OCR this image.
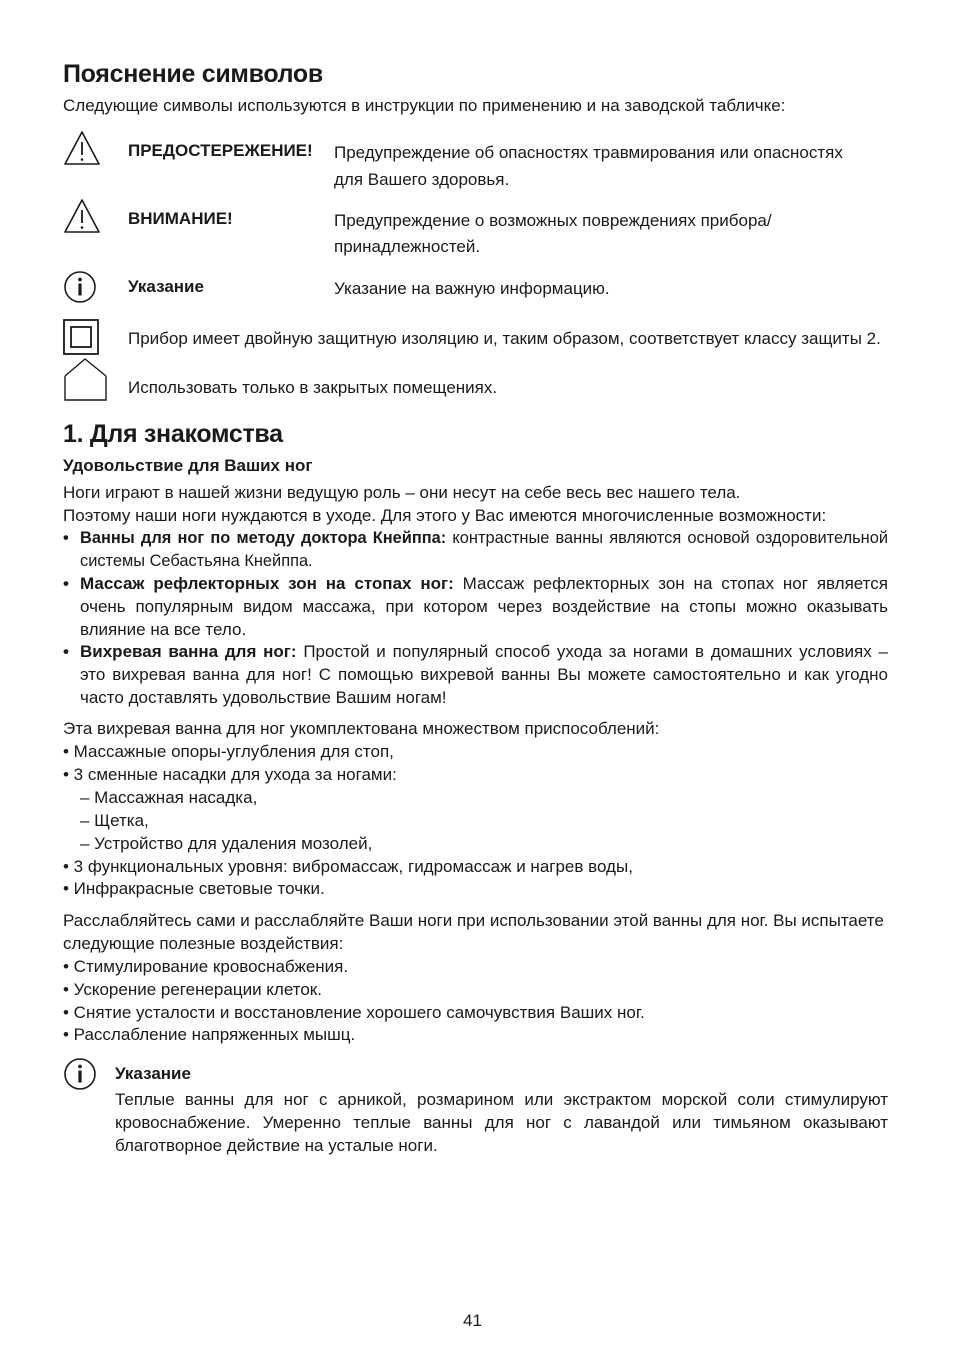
Пояснение символов
Следующие символы используются в инструкции по применению и на заводской табличке:
ПРЕДОСТЕРЕЖЕНИЕ! Предупреждение об опасностях травмирования или опасностях
для Вашего здоровья.
ВНИМАНИЕ!	Предупреждение о возможных повреждениях прибора/
принадлежностей.
Указание	Указание на важную информацию.
Прибор имеет двойную защитную изоляцию и, таким образом, соответствует классу защиты 2.
Использовать только в закрытых помещениях.
1. Для знакомства
Удовольствие для Ваших ног
Ноги играют в нашей жизни ведущую роль – они несут на себе весь вес нашего тела.
Поэтому наши ноги нуждаются в уходе. Для этого у Вас имеются многочисленные возможности:
• Ванны для ног по методу доктора Кнейппа: контрастные ванны являются основой оздоровительной системы Себастьяна Кнейппа.
• Массаж рефлекторных зон на стопах ног: Массаж рефлекторных зон на стопах ног является очень популярным видом массажа, при котором через воздействие на стопы можно оказывать влияние на все тело.
• Вихревая ванна для ног: Простой и популярный способ ухода за ногами в домашних условиях – это вихревая ванна для ног! С помощью вихревой ванны Вы можете самостоятельно и как угодно часто доставлять удовольствие Вашим ногам!
Эта вихревая ванна для ног укомплектована множеством приспособлений:
• Массажные опоры-углубления для стоп,
• 3 сменные насадки для ухода за ногами:
– Массажная насадка,
– Щетка,
– Устройство для удаления мозолей,
• 3 функциональных уровня: вибромассаж, гидромассаж и нагрев воды,
• Инфракрасные световые точки.
Расслабляйтесь сами и расслабляйте Ваши ноги при использовании этой ванны для ног. Вы испытаете
следующие полезные воздействия:
• Стимулирование кровоснабжения.
• Ускорение регенерации клеток.
• Снятие усталости и восстановление хорошего самочувствия Ваших ног.
• Расслабление напряженных мышц.
Указание
Теплые ванны для ног с арникой, розмарином или экстрактом морской соли стимулируют кровоснабжение. Умеренно теплые ванны для ног с лавандой или тимьяном оказывают благотворное действие на усталые ноги.
41
